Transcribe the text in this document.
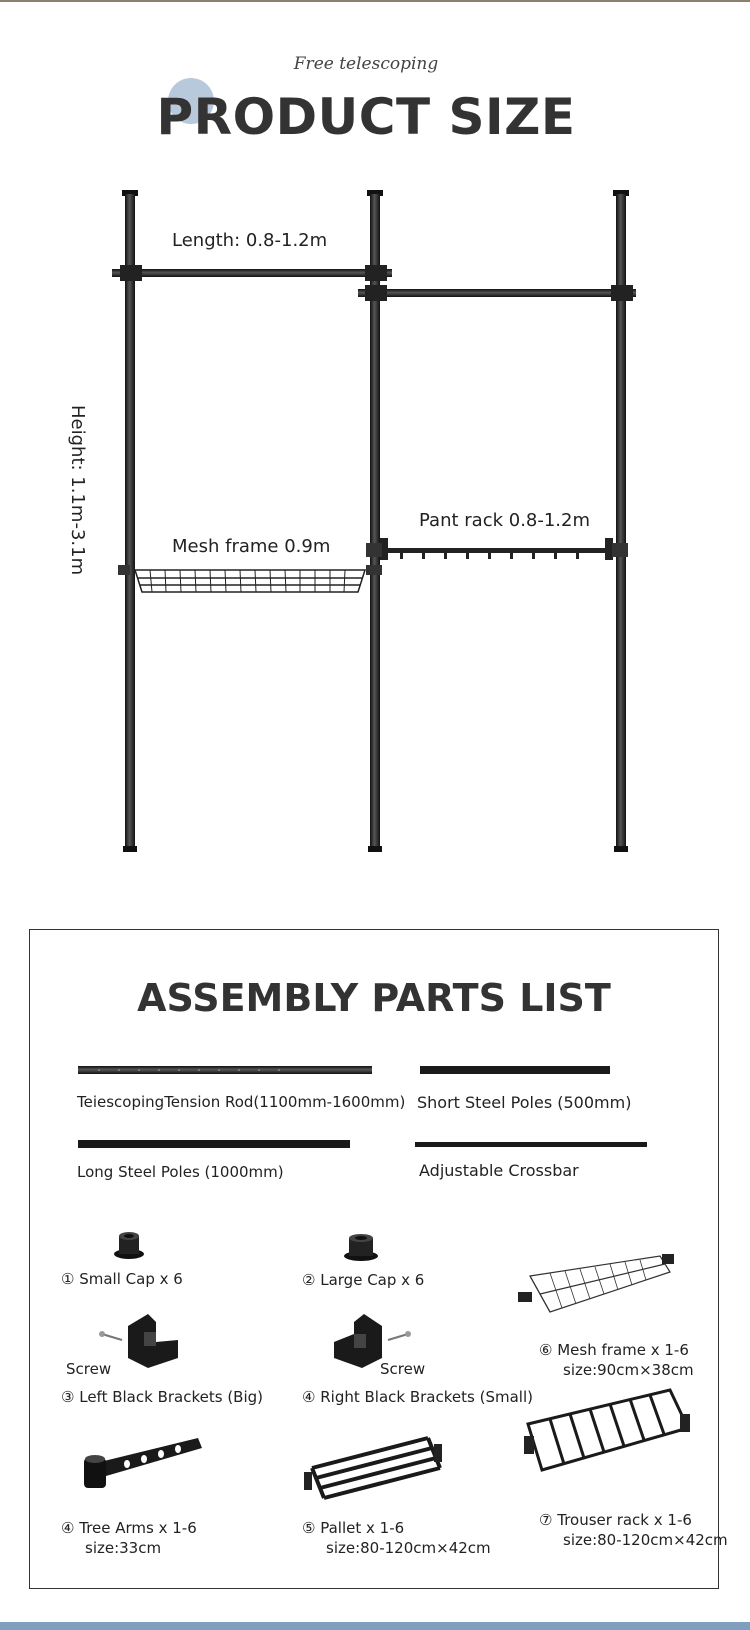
Free telescoping
PRODUCT SIZE
Length: 0.8-1.2m
Height: 1.1m-3.1m	Mesh frame 0.9m
Pant rack 0.8-1.2m
ASSEMBLY PARTS LIST
TeiescopingTension Rod(1100mm-1600mm) Short Steel Poles (500mm)
Long Steel Poles (1000mm)	Adjustable Crossbar
① Small Cap x 6	② Large Cap x 6
⑥ Mesh frame x 1-6
size:90cm×38cm
Screw	Screw
③ Left Black Brackets (Big)	④ Right Black Brackets (Small)
④ Tree Arms x 1-6
size:33cm
⑤ Pallet x 1-6
size:80-120cm×42cm
⑦ Trouser rack x 1-6
size:80-120cm×42cm
